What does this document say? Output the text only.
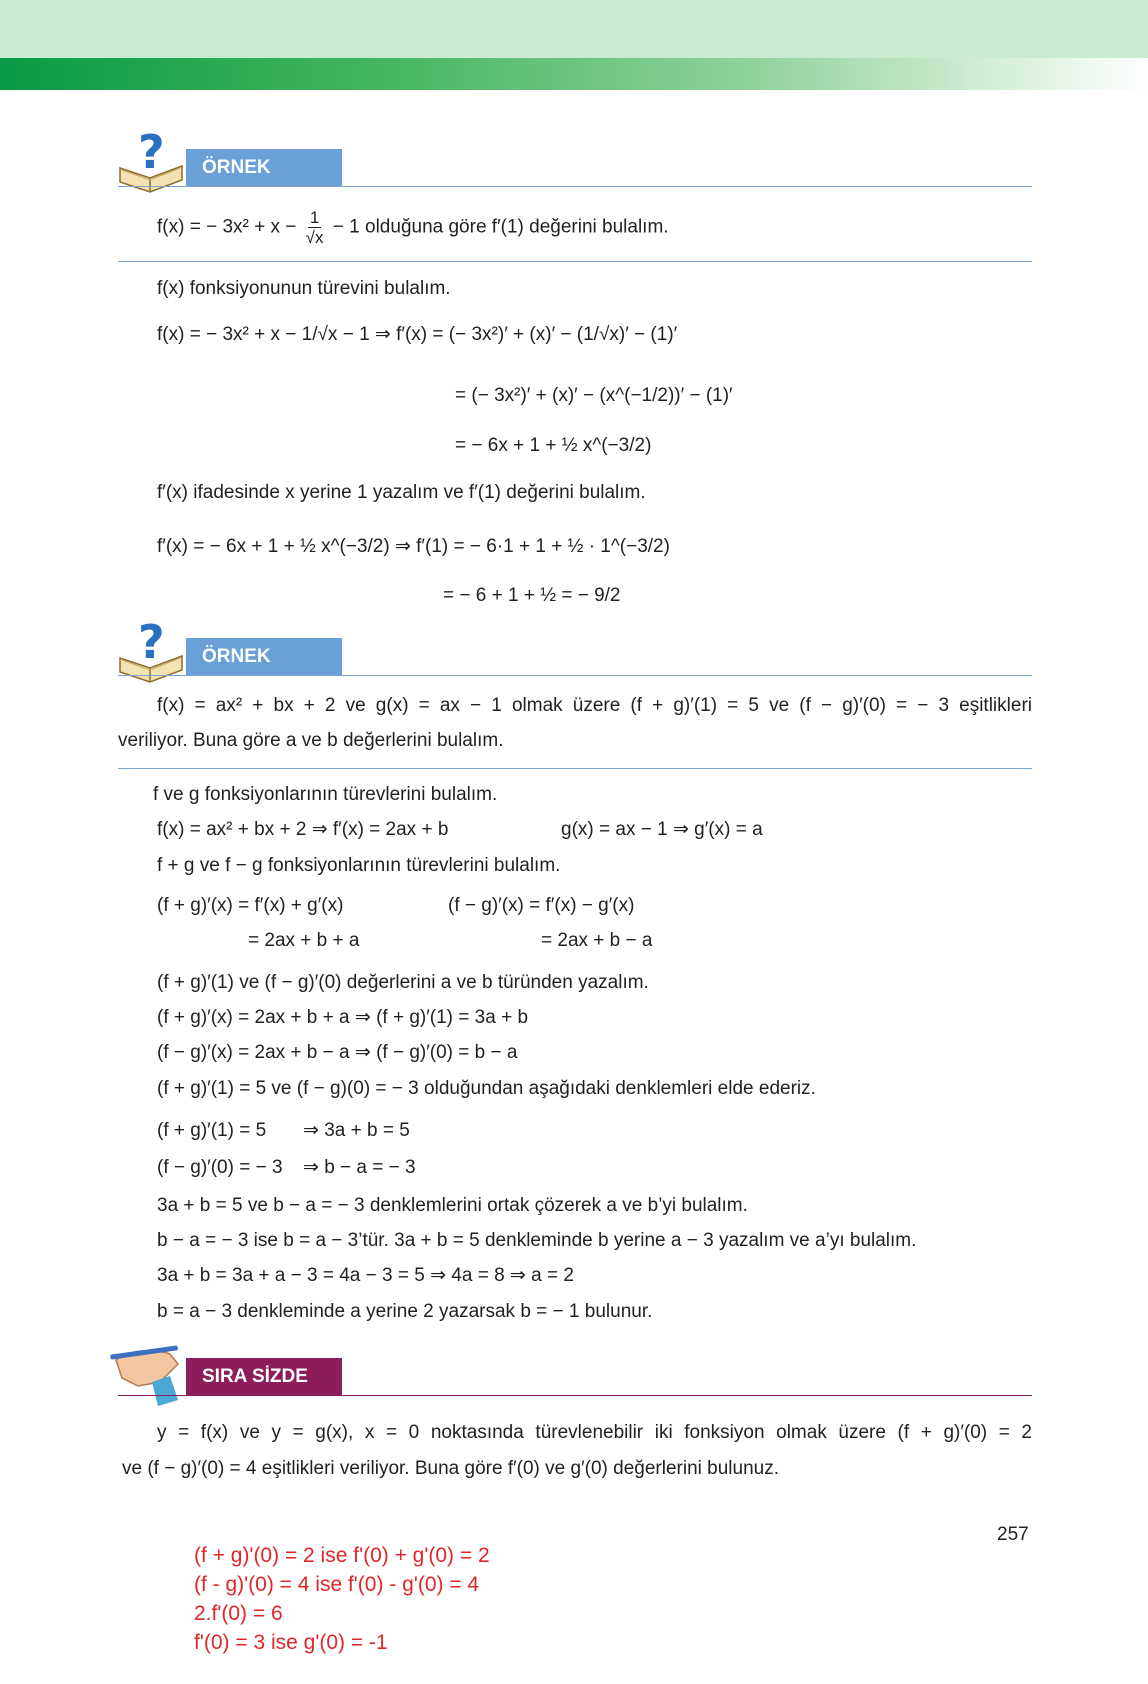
?	ÖRNEK
f(x) = − $3x^2 + x - \frac{1}{√x} - 1$ olduğuna göre f′(1) değerini bulalım.
f(x) fonksiyonunun türevini bulalım.
f(x) = − 3x² + x − 1/√x − 1 ⇒ f′(x) = (− 3x²)′ + (x)′ − (1/√x)′ − (1)′
= (− 3x²)′ + (x)′ − (x^(−1/2))′ − (1)′
= − 6x + 1 + ½ x^(−3/2)
f′(x) ifadesinde x yerine 1 yazalım ve f′(1) değerini bulalım.
f′(x) = − 6x + 1 + ½ x^(−3/2) ⇒ f′(1) = − 6·1 + 1 + ½ · 1^(−3/2)
= − 6 + 1 + ½ = − 9/2
?	ÖRNEK
f(x) = ax² + bx + 2 ve g(x) = ax − 1 olmak üzere (f + g)′(1) = 5 ve (f − g)′(0) = − 3 eşitlikleri
veriliyor. Buna göre a ve b değerlerini bulalım.
f ve g fonksiyonlarının türevlerini bulalım.
f(x) = ax² + bx + 2 ⇒ f′(x) = 2ax + b	g(x) = ax − 1 ⇒ g′(x) = a
f + g ve f − g fonksiyonlarının türevlerini bulalım.
(f + g)′(x) = f′(x) + g′(x)
= 2ax + b + a
(f − g)′(x) = f′(x) − g′(x)
= 2ax + b − a
(f + g)′(1) ve (f − g)′(0) değerlerini a ve b türünden yazalım.
(f + g)′(x) = 2ax + b + a ⇒ (f + g)′(1) = 3a + b
(f − g)′(x) = 2ax + b − a ⇒ (f − g)′(0) = b − a
(f + g)′(1) = 5 ve (f − g)(0) = − 3 olduğundan aşağıdaki denklemleri elde ederiz.
(f + g)′(1) = 5 ⇒ 3a + b = 5
(f − g)′(0) = − 3 ⇒ b − a = − 3
3a + b = 5 ve b − a = − 3 denklemlerini ortak çözerek a ve b’yi bulalım.
b − a = − 3 ise b = a − 3’tür. 3a + b = 5 denkleminde b yerine a − 3 yazalım ve a’yı bulalım.
3a + b = 3a + a − 3 = 4a − 3 = 5 ⇒ 4a = 8 ⇒ a = 2
b = a − 3 denkleminde a yerine 2 yazarsak b = − 1 bulunur.
SIRA SİZDE
y = f(x) ve y = g(x), x = 0 noktasında türevlenebilir iki fonksiyon olmak üzere (f + g)′(0) = 2
ve (f − g)′(0) = 4 eşitlikleri veriliyor. Buna göre f′(0) ve g′(0) değerlerini bulunuz.
257
(f + g)'(0) = 2 ise f'(0) + g'(0) = 2
(f - g)'(0) = 4 ise f'(0) - g'(0) = 4
2.f'(0) = 6
f'(0) = 3 ise g'(0) = -1
